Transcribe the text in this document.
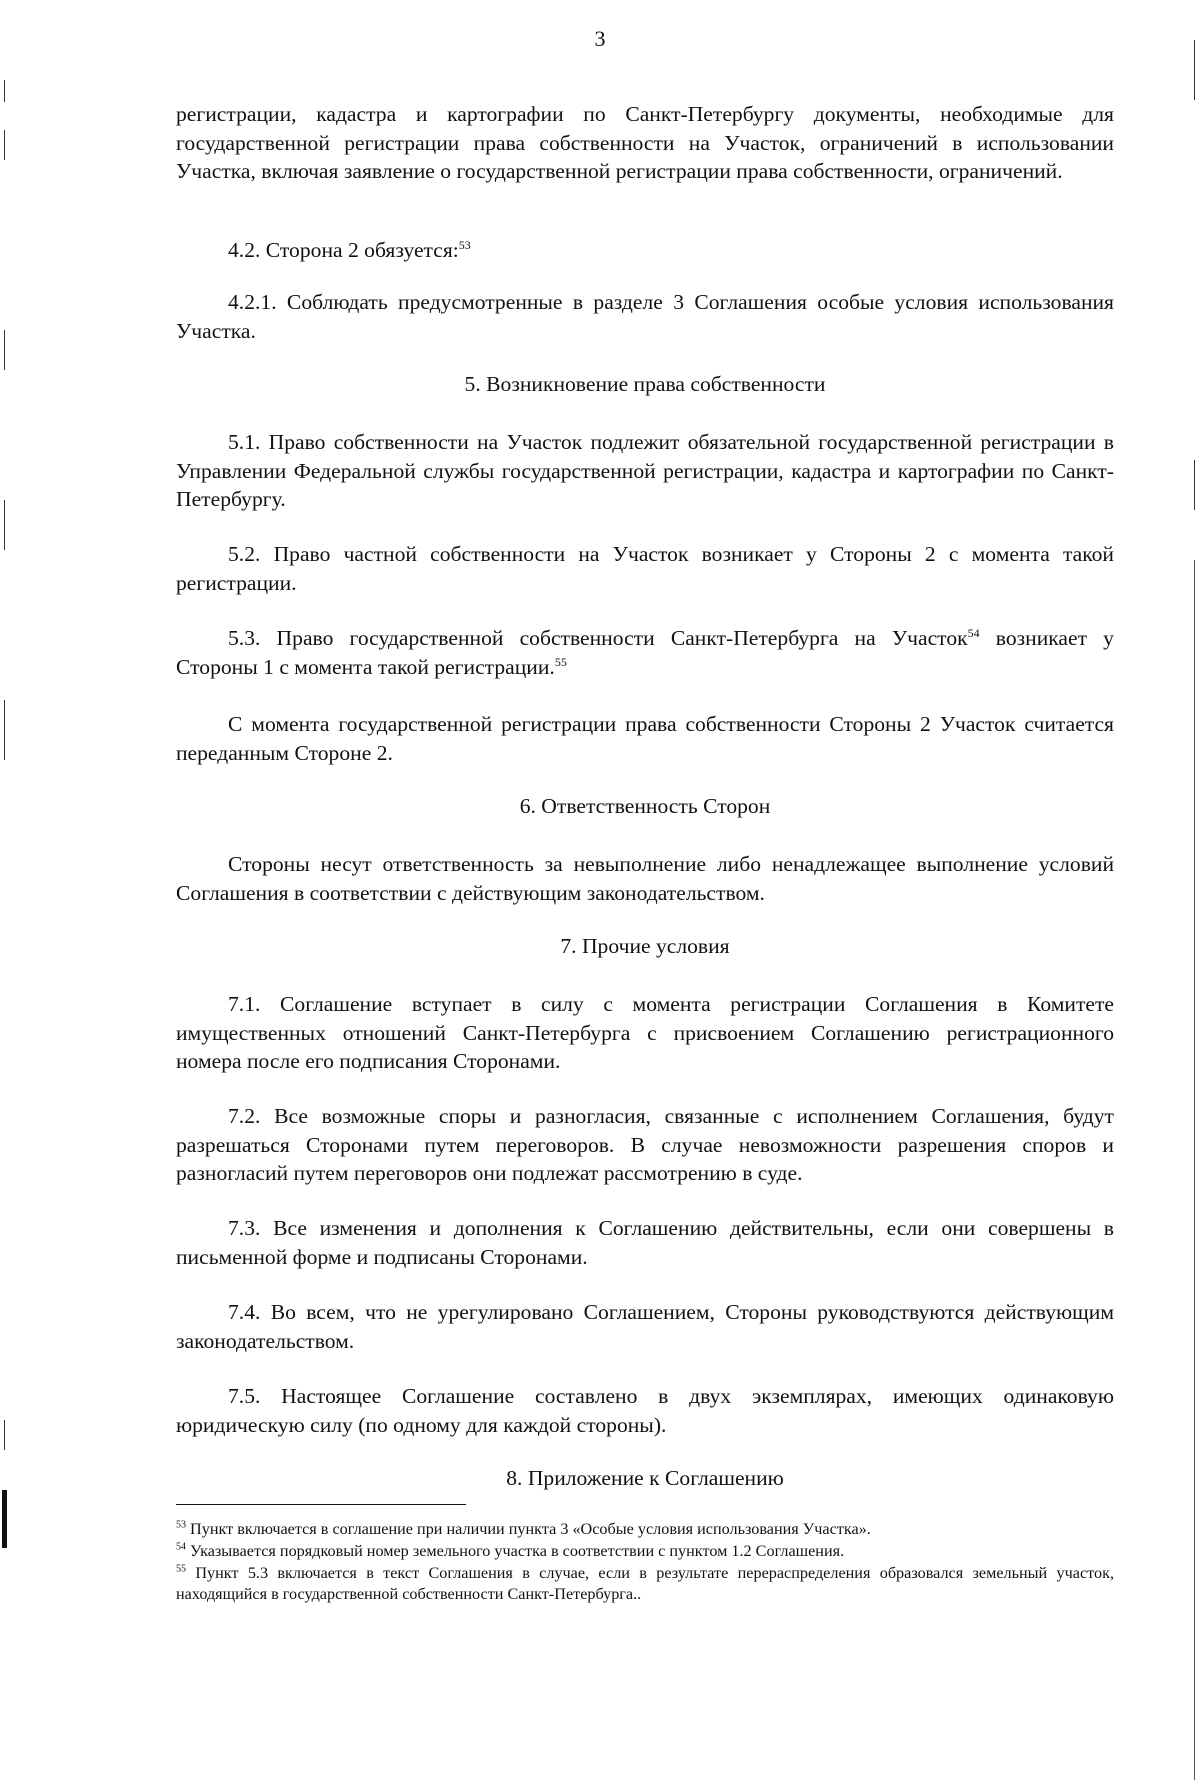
3

регистрации, кадастра и картографии по Санкт-Петербургу документы, необходимые для государственной регистрации права собственности на Участок, ограничений в использовании Участка, включая заявление о государственной регистрации права собственности, ограничений.

4.2. Сторона 2 обязуется:$^{53}$

4.2.1. Соблюдать предусмотренные в разделе 3 Соглашения особые условия использования Участка.

5. Возникновение права собственности

5.1. Право собственности на Участок подлежит обязательной государственной регистрации в Управлении Федеральной службы государственной регистрации, кадастра и картографии по Санкт-Петербургу.

5.2. Право частной собственности на Участок возникает у Стороны 2 с момента такой регистрации.

5.3. Право государственной собственности Санкт-Петербурга на Участок$^{54}$ возникает у Стороны 1 с момента такой регистрации.$^{55}$

С момента государственной регистрации права собственности Стороны 2 Участок считается переданным Стороне 2.

6. Ответственность Сторон

Стороны несут ответственность за невыполнение либо ненадлежащее выполнение условий Соглашения в соответствии с действующим законодательством.

7. Прочие условия

7.1. Соглашение вступает в силу с момента регистрации Соглашения в Комитете имущественных отношений Санкт-Петербурга с присвоением Соглашению регистрационного номера после его подписания Сторонами.

7.2. Все возможные споры и разногласия, связанные с исполнением Соглашения, будут разрешаться Сторонами путем переговоров. В случае невозможности разрешения споров и разногласий путем переговоров они подлежат рассмотрению в суде.

7.3. Все изменения и дополнения к Соглашению действительны, если они совершены в письменной форме и подписаны Сторонами.

7.4. Во всем, что не урегулировано Соглашением, Стороны руководствуются действующим законодательством.

7.5. Настоящее Соглашение составлено в двух экземплярах, имеющих одинаковую юридическую силу (по одному для каждой стороны).

8. Приложение к Соглашению

$^{53}$ Пункт включается в соглашение при наличии пункта 3 «Особые условия использования Участка».

$^{54}$ Указывается порядковый номер земельного участка в соответствии с пунктом 1.2 Соглашения.

$^{55}$ Пункт 5.3 включается в текст Соглашения в случае, если в результате перераспределения образовался земельный участок, находящийся в государственной собственности Санкт-Петербурга..
